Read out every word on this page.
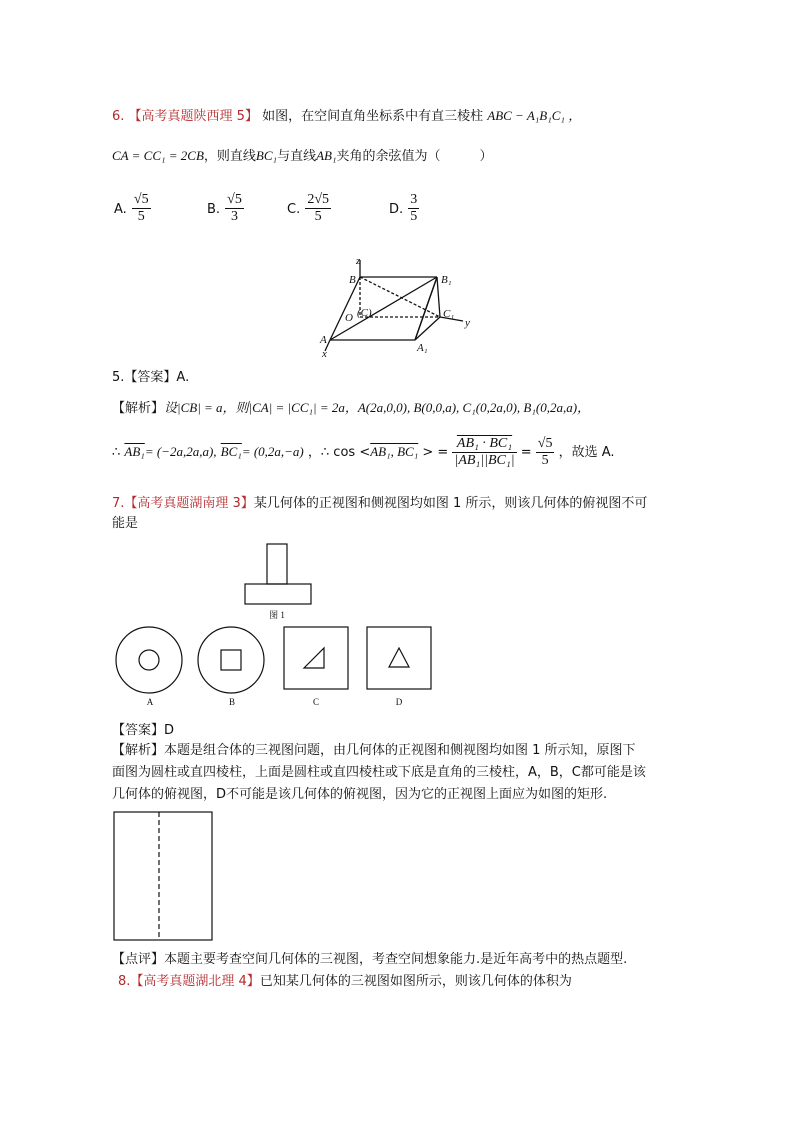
6. 【高考真题陕西理 5】 如图，在空间直角坐标系中有直三棱柱 ABC − A₁B₁C₁ ，
CA = CC₁ = 2CB，则直线BC₁与直线AB₁夹角的余弦值为（　　　）
A. $\frac{√5}{5}$	B. $\frac{√5}{3}$	C. $\frac{2√5}{5}$	D. $\frac{3}{5}$
z
B	B₁
(C)
O	C₁
y
A
x	A₁
5.【答案】A.
【解析】设|CB| = a，则|CA| = |CC₁| = 2a，A(2a,0,0), B(0,0,a), C₁(0,2a,0), B₁(0,2a,a)，
∴ AB₁= (−2a,2a,a), BC₁= (0,2a,−a) ，∴ cos <AB₁, BC₁ > = $\frac{\text{AB₁ · BC₁}}{\text{|AB₁||BC₁|}} = \frac{√5}{5}$ ，故选 A.
7.【高考真题湖南理 3】某几何体的正视图和侧视图均如图 1 所示，则该几何体的俯视图不可
能是
图 1
A	B	C	D
【答案】D
【解析】本题是组合体的三视图问题，由几何体的正视图和侧视图均如图 1 所示知，原图下
面图为圆柱或直四棱柱，上面是圆柱或直四棱柱或下底是直角的三棱柱，A，B，C都可能是该
几何体的俯视图，D不可能是该几何体的俯视图，因为它的正视图上面应为如图的矩形.
【点评】本题主要考查空间几何体的三视图，考查空间想象能力.是近年高考中的热点题型.
8.【高考真题湖北理 4】已知某几何体的三视图如图所示，则该几何体的体积为
